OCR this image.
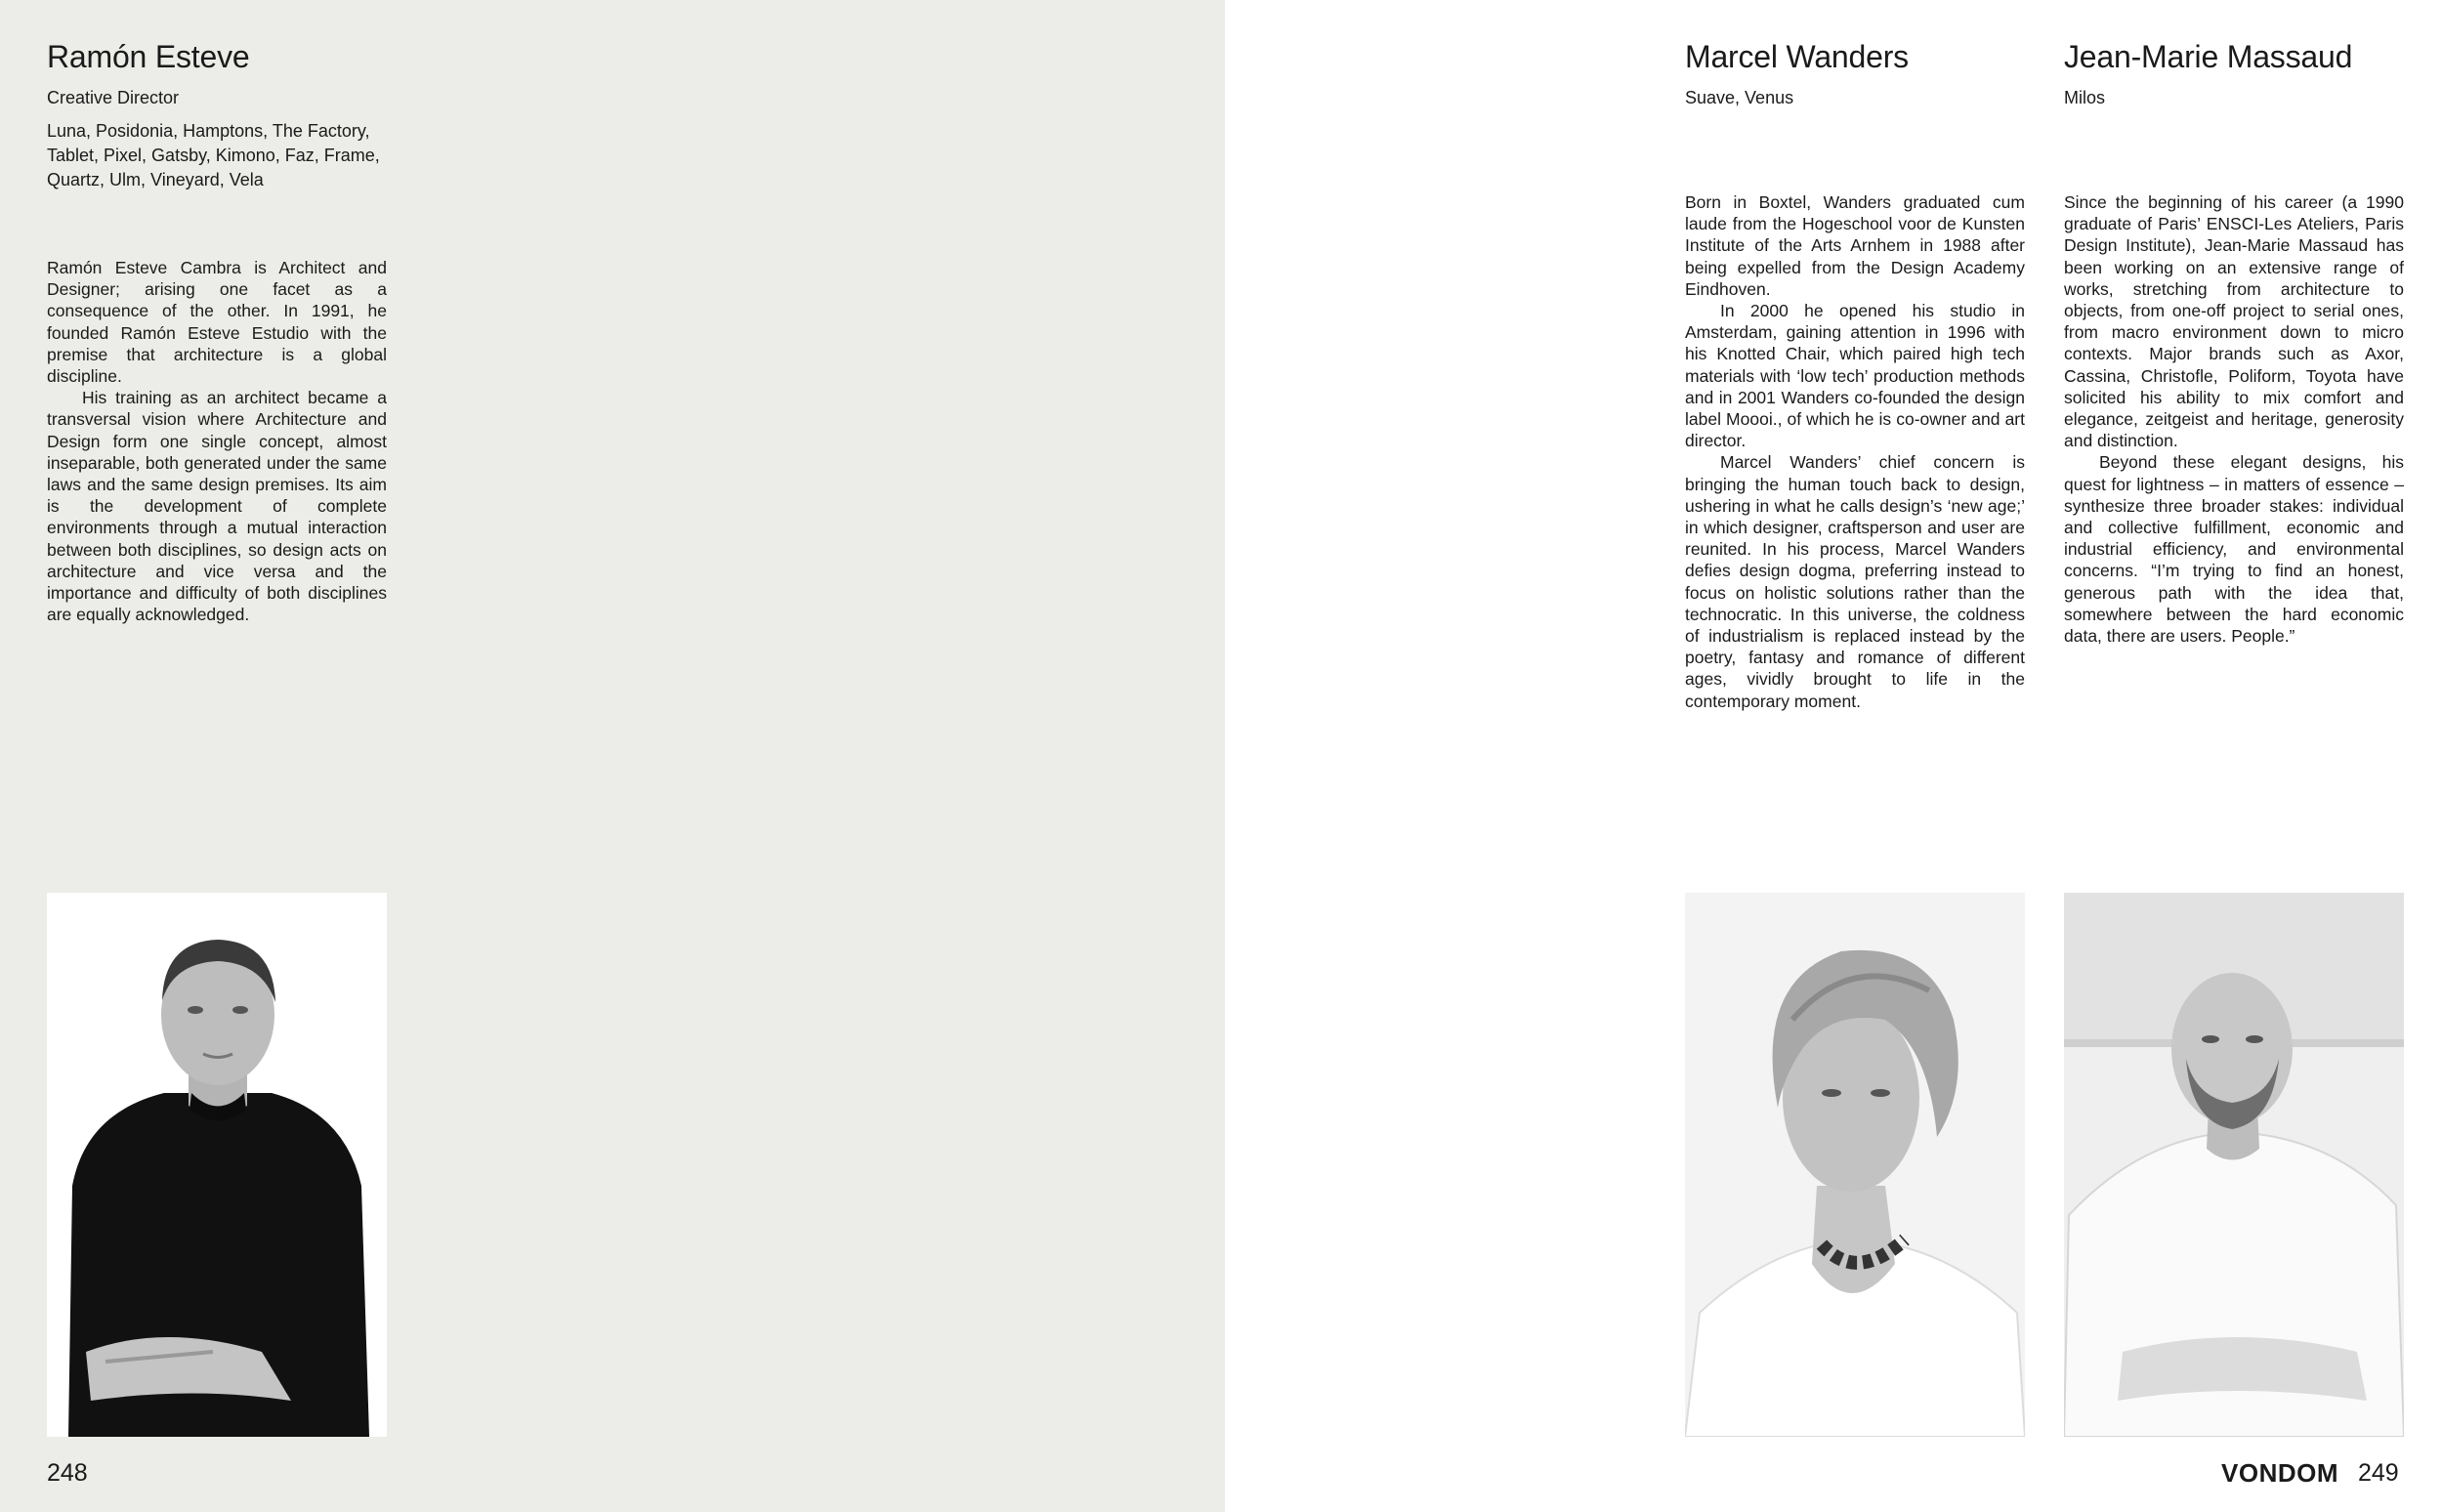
Ramón Esteve

Creative Director

Luna, Posidonia, Hamptons, The Factory, Tablet, Pixel, Gatsby, Kimono, Faz, Frame, Quartz, Ulm, Vineyard, Vela

Ramón Esteve Cambra is Architect and Designer; arising one facet as a consequence of the other. In 1991, he founded Ramón Esteve Estudio with the premise that architecture is a global discipline.

His training as an architect became a transversal vision where Architecture and Design form one single concept, almost inseparable, both generated under the same laws and the same design premises. Its aim is the development of complete environments through a mutual interaction between both disciplines, so design acts on architecture and vice versa and the importance and difficulty of both disciplines are equally acknowledged.

248
Marcel Wanders

Suave, Venus

Born in Boxtel, Wanders graduated cum laude from the Hogeschool voor de Kunsten Institute of the Arts Arnhem in 1988 after being expelled from the Design Academy Eindhoven.

In 2000 he opened his studio in Amsterdam, gaining attention in 1996 with his Knotted Chair, which paired high tech materials with ‘low tech’ production methods and in 2001 Wanders co-founded the design label Moooi., of which he is co-owner and art director.

Marcel Wanders’ chief concern is bringing the human touch back to design, ushering in what he calls design’s ‘new age;’ in which designer, craftsperson and user are reunited. In his process, Marcel Wanders defies design dogma, preferring instead to focus on holistic solutions rather than the technocratic. In this universe, the coldness of industrialism is replaced instead by the poetry, fantasy and romance of different ages, vividly brought to life in the contemporary moment.

Jean-Marie Massaud

Milos

Since the beginning of his career (a 1990 graduate of Paris’ ENSCI-Les Ateliers, Paris Design Institute), Jean-Marie Massaud has been working on an extensive range of works, stretching from architecture to objects, from one-off project to serial ones, from macro environment down to micro contexts. Major brands such as Axor, Cassina, Christofle, Poliform, Toyota have solicited his ability to mix comfort and elegance, zeitgeist and heritage, generosity and distinction.

Beyond these elegant designs, his quest for lightness – in matters of essence – synthesize three broader stakes: individual and collective fulfillment, economic and industrial efficiency, and environmental concerns. “I’m trying to find an honest, generous path with the idea that, somewhere between the hard economic data, there are users. People.”

VONDOM 249
